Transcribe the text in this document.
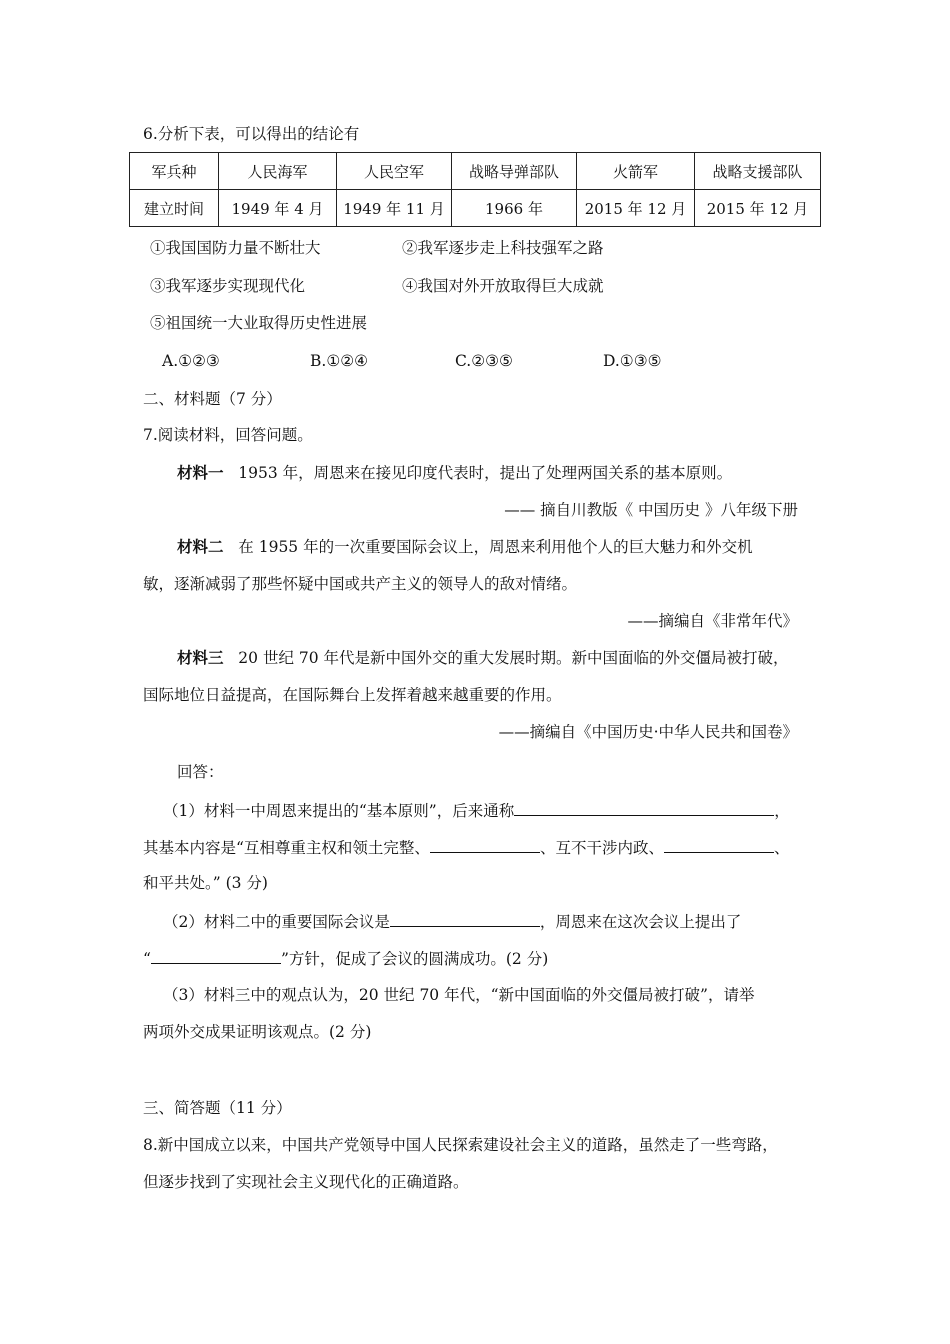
6.分析下表，可以得出的结论有
军兵种	人民海军	人民空军	战略导弹部队	火箭军	战略支援部队
建立时间	1949 年 4 月	1949 年 11 月	1966 年	2015 年 12 月	2015 年 12 月
①我国国防力量不断壮大	②我军逐步走上科技强军之路
③我军逐步实现现代化	④我国对外开放取得巨大成就
⑤祖国统一大业取得历史性进展
A.①②③	B.①②④	C.②③⑤	D.①③⑤
二、材料题（7 分）
7.阅读材料，回答问题。
材料一 1953 年，周恩来在接见印度代表时，提出了处理两国关系的基本原则。
—— 摘自川教版《 中国历史 》八年级下册
材料二 在 1955 年的一次重要国际会议上，周恩来利用他个人的巨大魅力和外交机
敏，逐渐减弱了那些怀疑中国或共产主义的领导人的敌对情绪。
——摘编自《非常年代》
材料三 20 世纪 70 年代是新中国外交的重大发展时期。新中国面临的外交僵局被打破，
国际地位日益提高，在国际舞台上发挥着越来越重要的作用。
——摘编自《中国历史·中华人民共和国卷》
回答：
（1）材料一中周恩来提出的“基本原则”，后来通称	，
其基本内容是“互相尊重主权和领土完整、	、互不干涉内政、	、
和平共处。” (3 分)
（2）材料二中的重要国际会议是	，周恩来在这次会议上提出了
“	”方针，促成了会议的圆满成功。(2 分)
（3）材料三中的观点认为，20 世纪 70 年代，“新中国面临的外交僵局被打破”，请举
两项外交成果证明该观点。(2 分)
三、简答题（11 分）
8.新中国成立以来，中国共产党领导中国人民探索建设社会主义的道路，虽然走了一些弯路，
但逐步找到了实现社会主义现代化的正确道路。
